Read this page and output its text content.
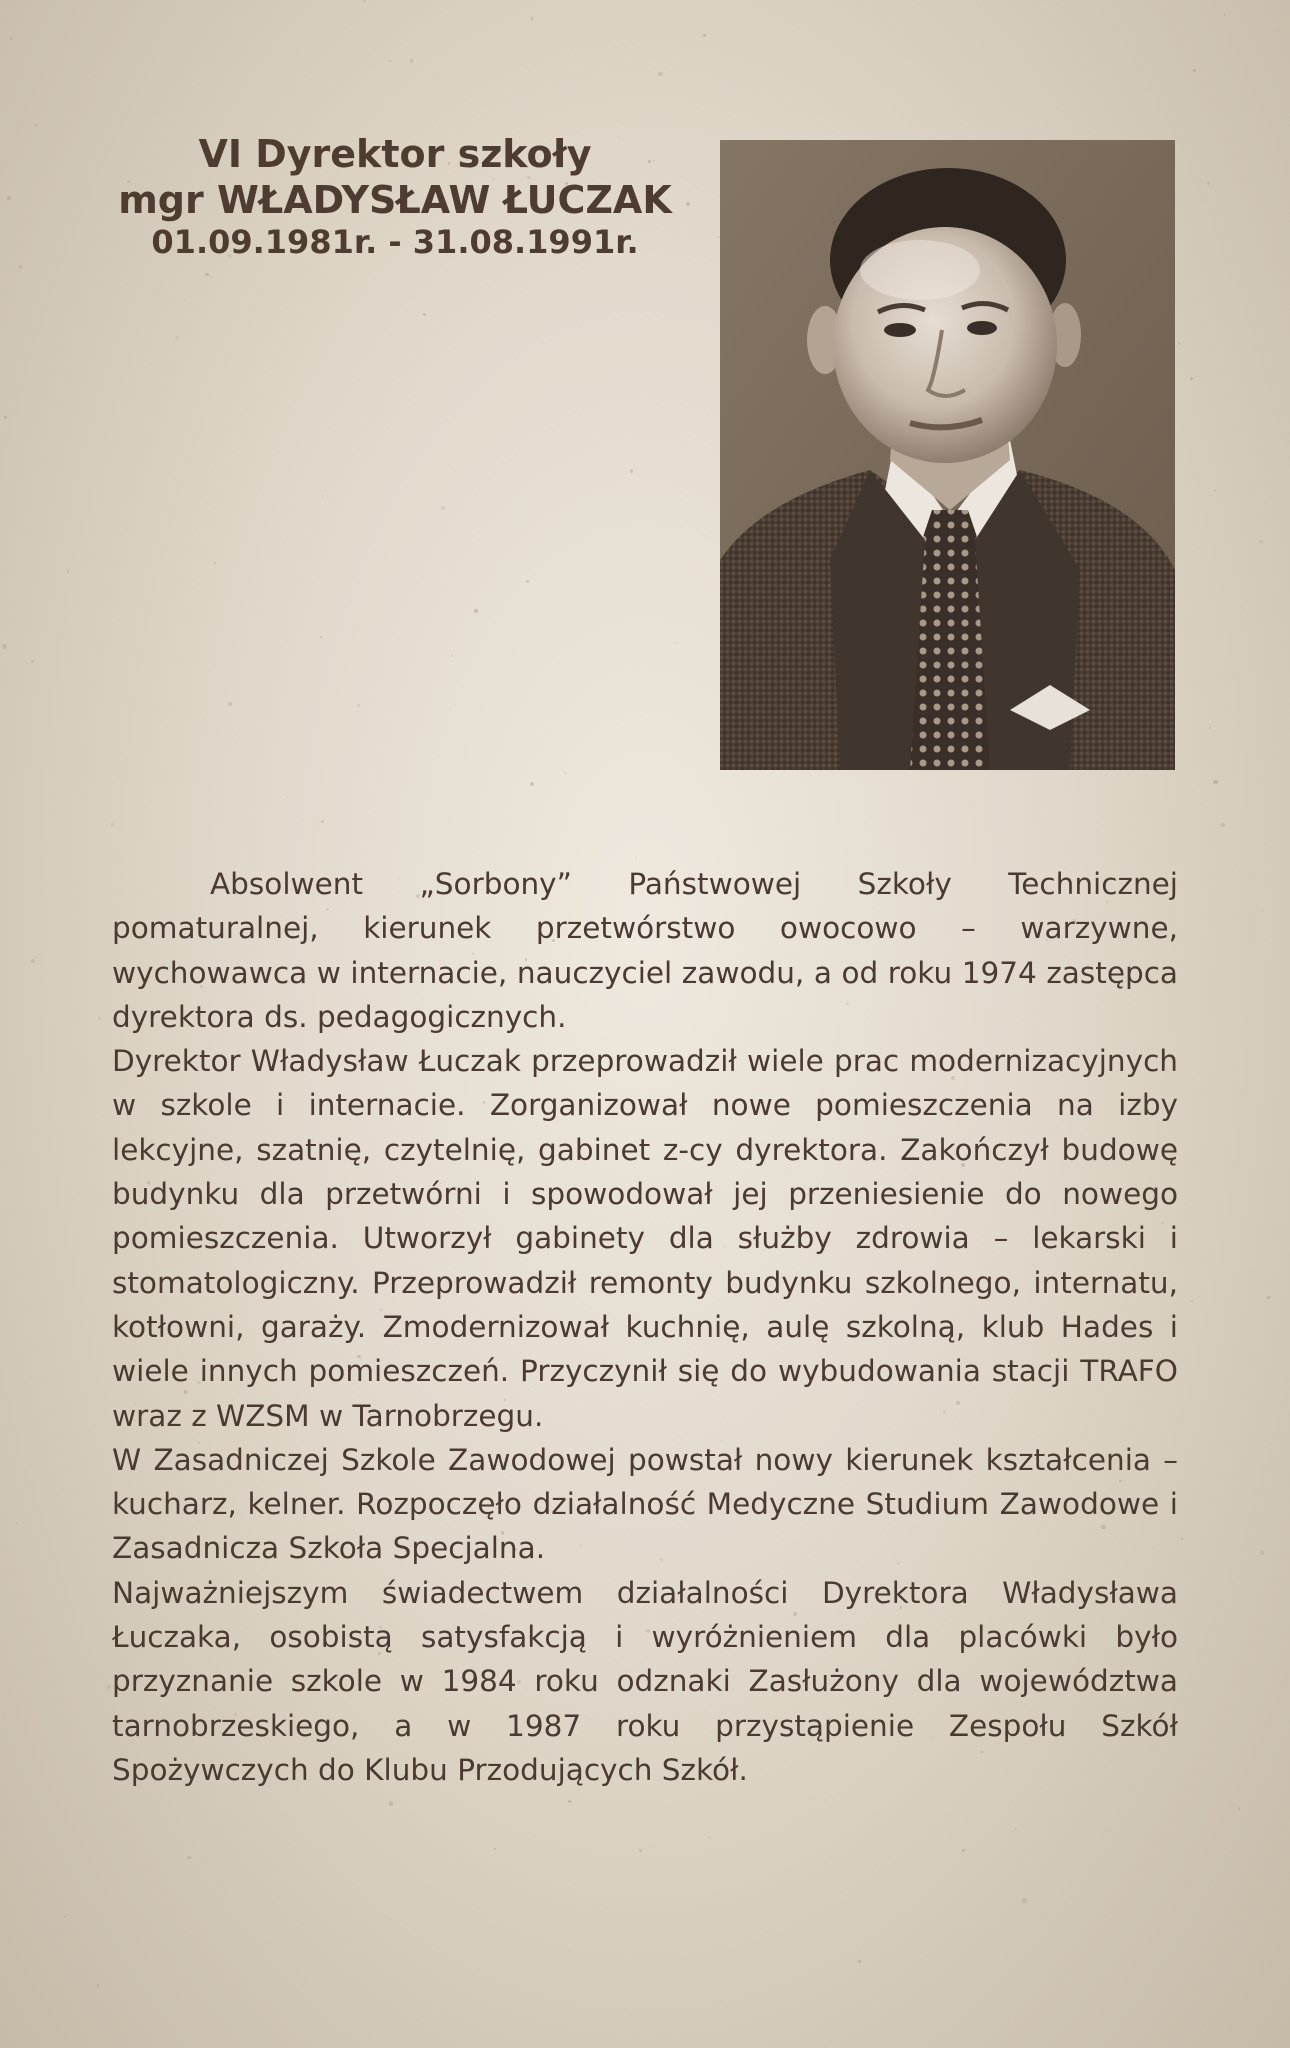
VI Dyrektor szkoły
mgr WŁADYSŁAW ŁUCZAK
01.09.1981r. - 31.08.1991r.

Absolwent „Sorbony” Państwowej Szkoły Technicznej pomaturalnej, kierunek przetwórstwo owocowo – warzywne, wychowawca w internacie, nauczyciel zawodu, a od roku 1974 zastępca dyrektora ds. pedagogicznych.

Dyrektor Władysław Łuczak przeprowadził wiele prac modernizacyjnych w szkole i internacie. Zorganizował nowe pomieszczenia na izby lekcyjne, szatnię, czytelnię, gabinet z-cy dyrektora. Zakończył budowę budynku dla przetwórni i spowodował jej przeniesienie do nowego pomieszczenia. Utworzył gabinety dla służby zdrowia – lekarski i stomatologiczny. Przeprowadził remonty budynku szkolnego, internatu, kotłowni, garaży. Zmodernizował kuchnię, aulę szkolną, klub Hades i wiele innych pomieszczeń. Przyczynił się do wybudowania stacji TRAFO wraz z WZSM w Tarnobrzegu.

W Zasadniczej Szkole Zawodowej powstał nowy kierunek kształcenia – kucharz, kelner. Rozpoczęło działalność Medyczne Studium Zawodowe i Zasadnicza Szkoła Specjalna.

Najważniejszym świadectwem działalności Dyrektora Władysława Łuczaka, osobistą satysfakcją i wyróżnieniem dla placówki było przyznanie szkole w 1984 roku odznaki Zasłużony dla województwa tarnobrzeskiego, a w 1987 roku przystąpienie Zespołu Szkół Spożywczych do Klubu Przodujących Szkół.
